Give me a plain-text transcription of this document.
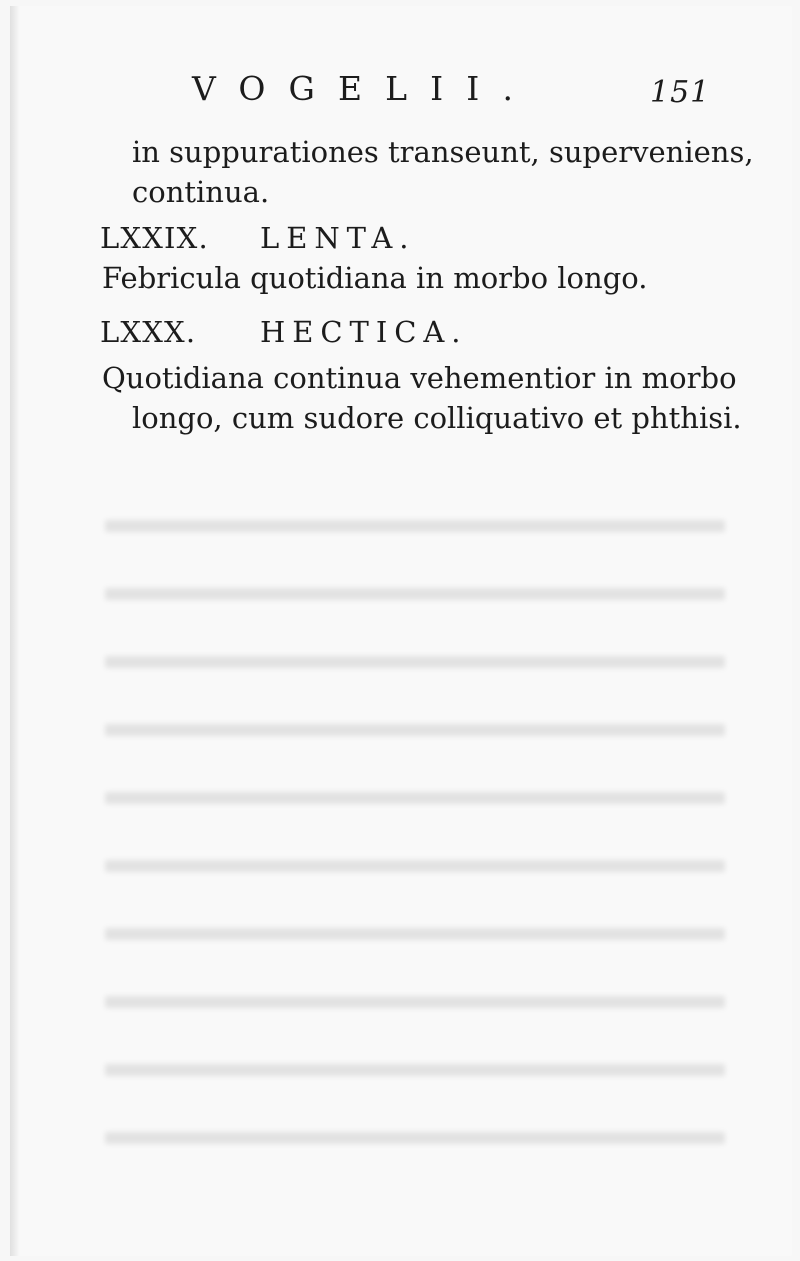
VOGELII.	151
in suppurationes transeunt, superveniens,
continua.
LXXIX. LENTA.
Febricula quotidiana in morbo longo.
LXXX. HECTICA.
Quotidiana continua vehementior in morbo
longo, cum sudore colliquativo et phthisi.
